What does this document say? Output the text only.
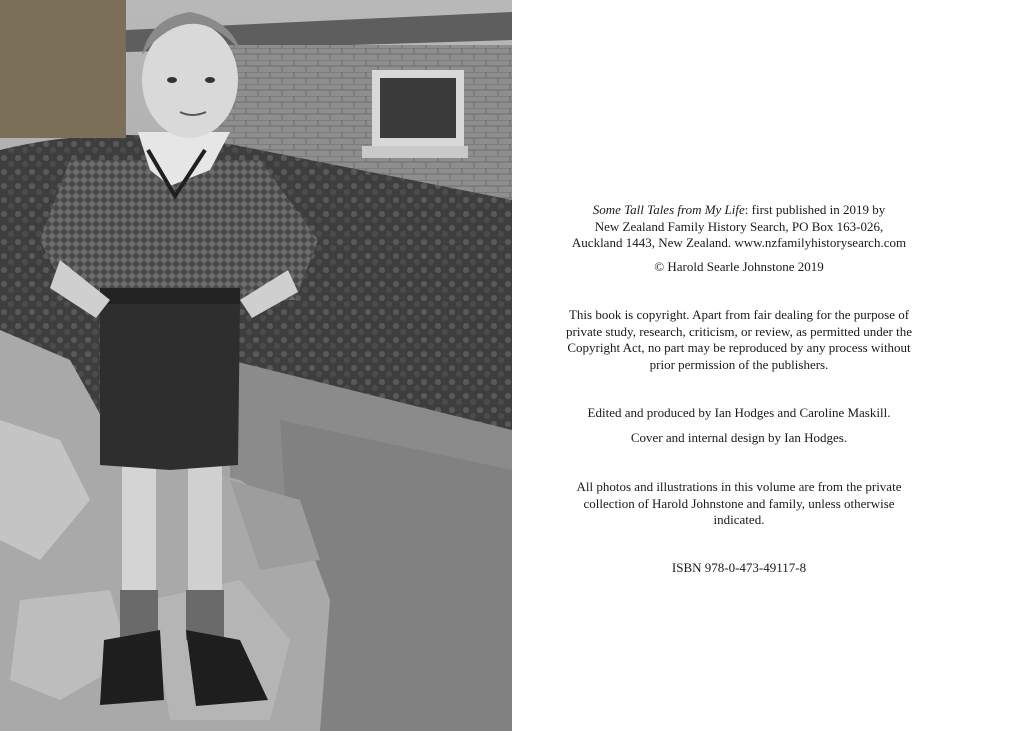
Some Tall Tales from My Life: first published in 2019 by

New Zealand Family History Search, PO Box 163-026,

Auckland 1443, New Zealand. www.nzfamilyhistorysearch.com

© Harold Searle Johnstone 2019

This book is copyright. Apart from fair dealing for the purpose of

private study, research, criticism, or review, as permitted under the

Copyright Act, no part may be reproduced by any process without

prior permission of the publishers.

Edited and produced by Ian Hodges and Caroline Maskill.

Cover and internal design by Ian Hodges.

All photos and illustrations in this volume are from the private

collection of Harold Johnstone and family, unless otherwise

indicated.

ISBN 978-0-473-49117-8
